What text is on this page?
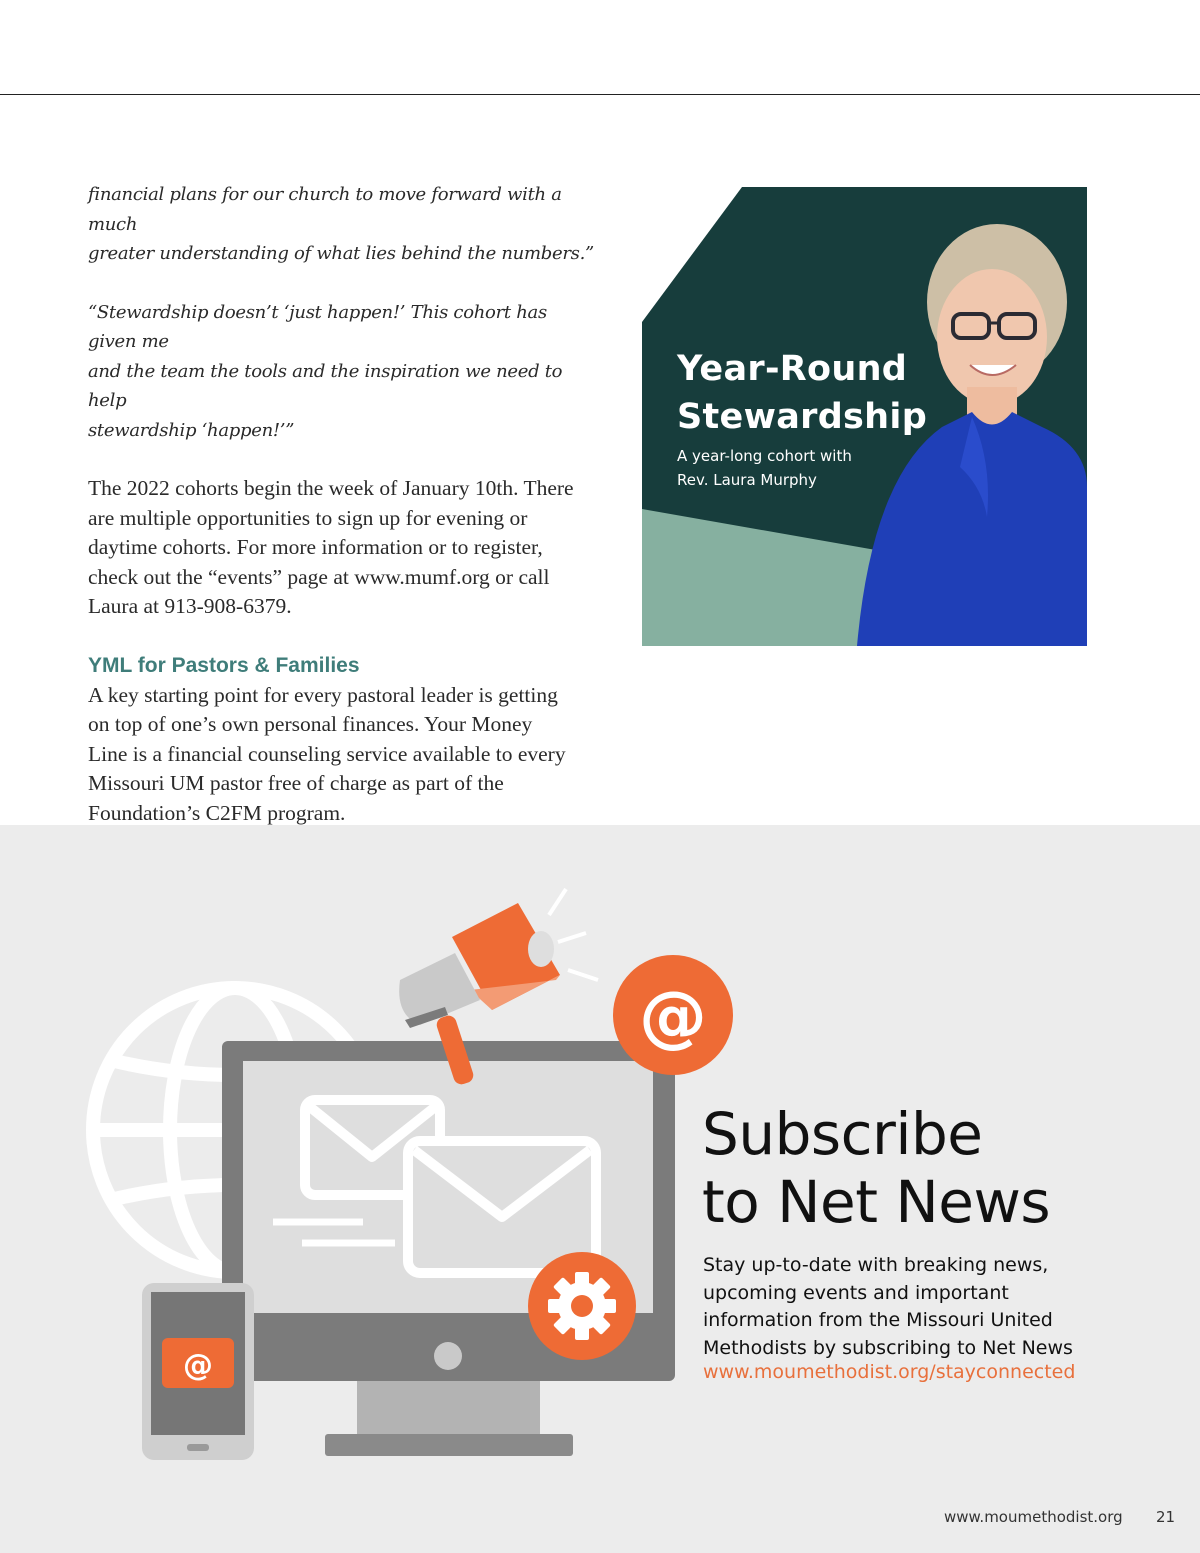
financial plans for our church to move forward with a much
greater understanding of what lies behind the numbers.”

“Stewardship doesn’t ‘just happen!’ This cohort has given me
and the team the tools and the inspiration we need to help
stewardship ‘happen!’”

The 2022 cohorts begin the week of January 10th. There
are multiple opportunities to sign up for evening or
daytime cohorts. For more information or to register,
check out the “events” page at www.mumf.org or call
Laura at 913-908-6379.

YML for Pastors & Families

A key starting point for every pastoral leader is getting
on top of one’s own personal finances. Your Money
Line is a financial counseling service available to every
Missouri UM pastor free of charge as part of the
Foundation’s C2FM program.

Year-Round
Stewardship
A year-long cohort with
Rev. Laura Murphy
@
@
Subscribe
to Net News
Stay up-to-date with breaking news,
upcoming events and important
information from the Missouri United
Methodists by subscribing to Net News
www.moumethodist.org/stayconnected
www.moumethodist.org 21
